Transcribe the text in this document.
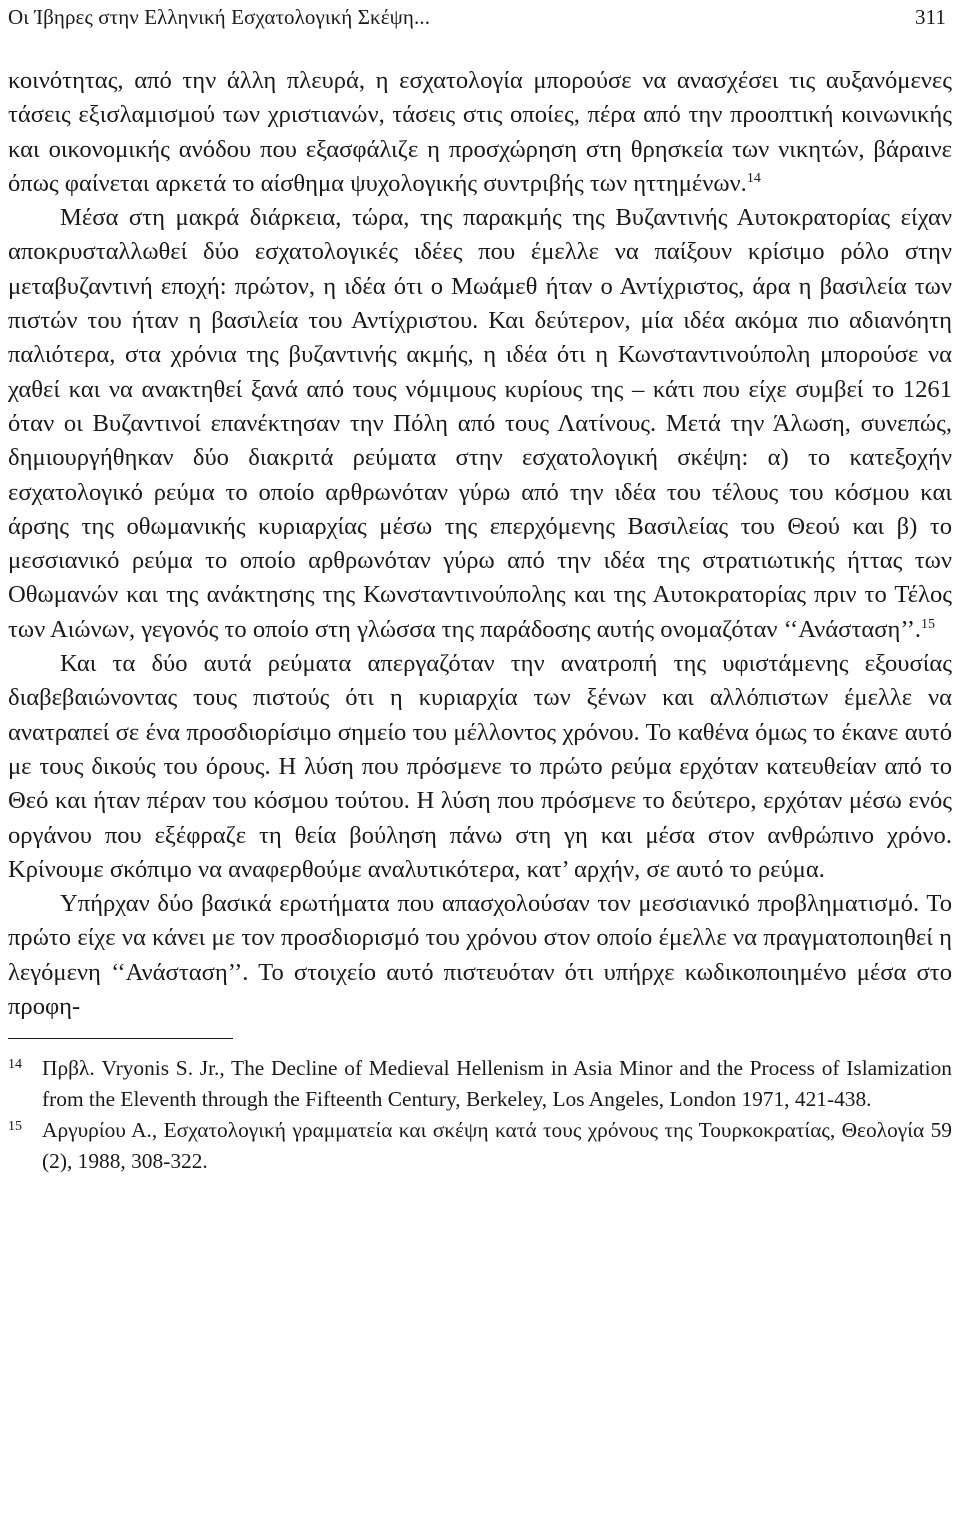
Οι Ίβηρες στην Ελληνική Εσχατολογική Σκέψη...	311

κοινότητας, από την άλλη πλευρά, η εσχατολογία μπορούσε να ανασχέσει τις αυξανόμενες τάσεις εξισλαμισμού των χριστιανών, τάσεις στις οποίες, πέρα από την προοπτική κοινωνικής και οικονομικής ανόδου που εξασφάλιζε η προσχώρηση στη θρησκεία των νικητών, βάραινε όπως φαίνεται αρκετά το αίσθημα ψυχολογικής συντριβής των ηττημένων.$^{14}$

Μέσα στη μακρά διάρκεια, τώρα, της παρακμής της Βυζαντινής Αυτοκρατορίας είχαν αποκρυσταλλωθεί δύο εσχατολογικές ιδέες που έμελλε να παίξουν κρίσιμο ρόλο στην μεταβυζαντινή εποχή: πρώτον, η ιδέα ότι ο Μωάμεθ ήταν ο Αντίχριστος, άρα η βασιλεία των πιστών του ήταν η βασιλεία του Αντίχριστου. Και δεύτερον, μία ιδέα ακόμα πιο αδιανόητη παλιότερα, στα χρόνια της βυζαντινής ακμής, η ιδέα ότι η Κωνσταντινούπολη μπορούσε να χαθεί και να ανακτηθεί ξανά από τους νόμιμους κυρίους της – κάτι που είχε συμβεί το 1261 όταν οι Βυζαντινοί επανέκτησαν την Πόλη από τους Λατίνους. Μετά την Άλωση, συνεπώς, δημιουργήθηκαν δύο διακριτά ρεύματα στην εσχατολογική σκέψη: α) το κατεξοχήν εσχατολογικό ρεύμα το οποίο αρθρωνόταν γύρω από την ιδέα του τέλους του κόσμου και άρσης της οθωμανικής κυριαρχίας μέσω της επερχόμενης Βασιλείας του Θεού και β) το μεσσιανικό ρεύμα το οποίο αρθρωνόταν γύρω από την ιδέα της στρατιωτικής ήττας των Οθωμανών και της ανάκτησης της Κωνσταντινούπολης και της Αυτοκρατορίας πριν το Τέλος των Αιώνων, γεγονός το οποίο στη γλώσσα της παράδοσης αυτής ονομαζόταν ‘‘Ανάσταση’’.$^{15}$

Και τα δύο αυτά ρεύματα απεργαζόταν την ανατροπή της υφιστάμενης εξουσίας διαβεβαιώνοντας τους πιστούς ότι η κυριαρχία των ξένων και αλλόπιστων έμελλε να ανατραπεί σε ένα προσδιορίσιμο σημείο του μέλλοντος χρόνου. Το καθένα όμως το έκανε αυτό με τους δικούς του όρους. Η λύση που πρόσμενε το πρώτο ρεύμα ερχόταν κατευθείαν από το Θεό και ήταν πέραν του κόσμου τούτου. Η λύση που πρόσμενε το δεύτερο, ερχόταν μέσω ενός οργάνου που εξέφραζε τη θεία βούληση πάνω στη γη και μέσα στον ανθρώπινο χρόνο. Κρίνουμε σκόπιμο να αναφερθούμε αναλυτικότερα, κατ’ αρχήν, σε αυτό το ρεύμα.

Υπήρχαν δύο βασικά ερωτήματα που απασχολούσαν τον μεσσιανικό προβληματισμό. Το πρώτο είχε να κάνει με τον προσδιορισμό του χρόνου στον οποίο έμελλε να πραγματοποιηθεί η λεγόμενη ‘‘Ανάσταση’’. Το στοιχείο αυτό πιστευόταν ότι υπήρχε κωδικοποιημένο μέσα στο προφη-

14 Πρβλ. Vryonis S. Jr., The Decline of Medieval Hellenism in Asia Minor and the Process of Islamization from the Eleventh through the Fifteenth Century, Berkeley, Los Angeles, London 1971, 421-438.
15 Αργυρίου Α., Εσχατολογική γραμματεία και σκέψη κατά τους χρόνους της Τουρκοκρατίας, Θεολογία 59 (2), 1988, 308-322.
